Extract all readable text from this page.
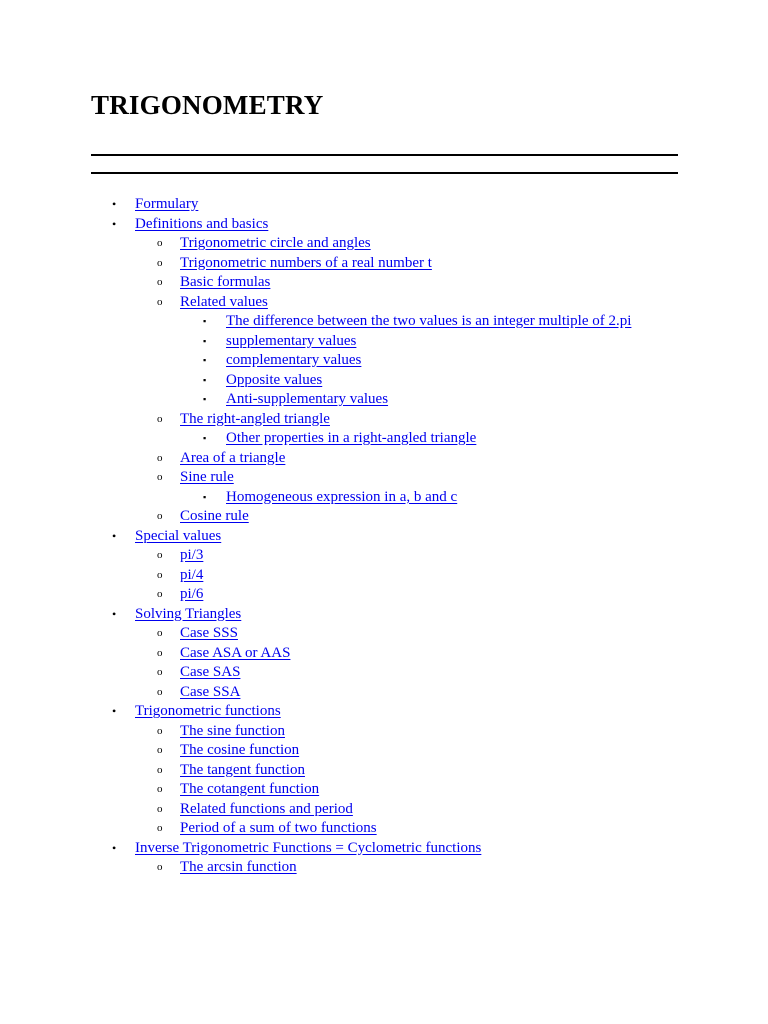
TRIGONOMETRY
• Formulary
• Definitions and basics
o Trigonometric circle and angles
o Trigonometric numbers of a real number t
o Basic formulas
o Related values
▪ The difference between the two values is an integer multiple of 2.pi
▪ supplementary values
▪ complementary values
▪ Opposite values
▪ Anti-supplementary values
o The right-angled triangle
▪ Other properties in a right-angled triangle
o Area of a triangle
o Sine rule
▪ Homogeneous expression in a, b and c
o Cosine rule
• Special values
o pi/3
o pi/4
o pi/6
• Solving Triangles
o Case SSS
o Case ASA or AAS
o Case SAS
o Case SSA
• Trigonometric functions
o The sine function
o The cosine function
o The tangent function
o The cotangent function
o Related functions and period
o Period of a sum of two functions
• Inverse Trigonometric Functions = Cyclometric functions
o The arcsin function
